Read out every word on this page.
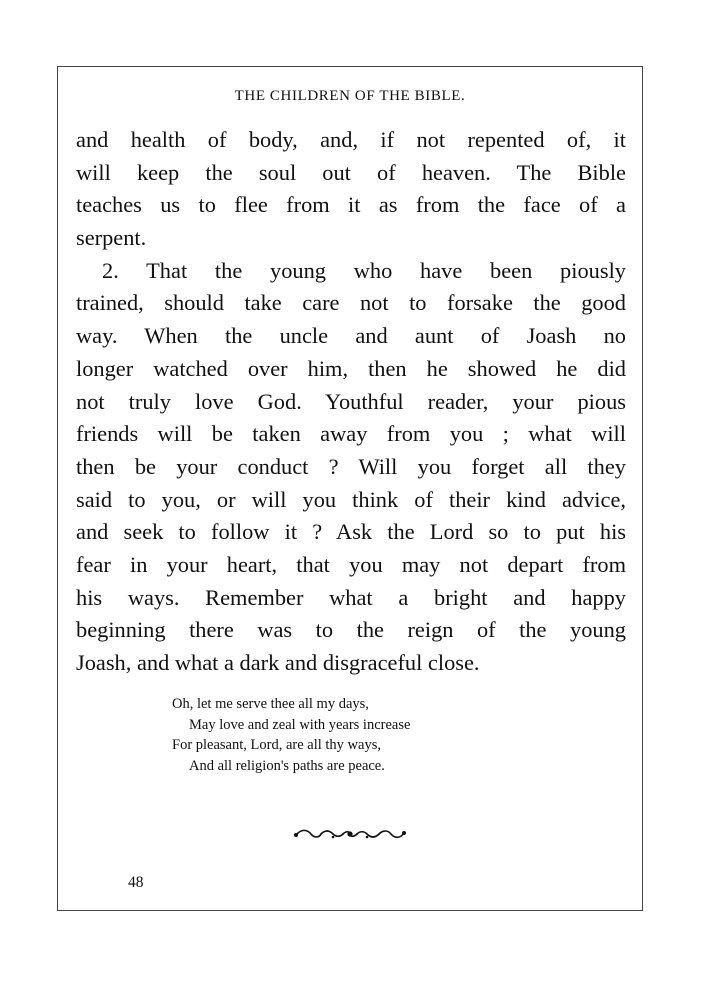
THE CHILDREN OF THE BIBLE.
and health of body, and, if not repented of, it
will keep the soul out of heaven. The Bible
teaches us to flee from it as from the face of a
serpent.
2. That the young who have been piously
trained, should take care not to forsake the good
way. When the uncle and aunt of Joash no
longer watched over him, then he showed he did
not truly love God. Youthful reader, your pious
friends will be taken away from you ; what will
then be your conduct ? Will you forget all they
said to you, or will you think of their kind advice,
and seek to follow it ? Ask the Lord so to put his
fear in your heart, that you may not depart from
his ways. Remember what a bright and happy
beginning there was to the reign of the young
Joash, and what a dark and disgraceful close.
Oh, let me serve thee all my days,
May love and zeal with years increase
For pleasant, Lord, are all thy ways,
And all religion's paths are peace.
48
